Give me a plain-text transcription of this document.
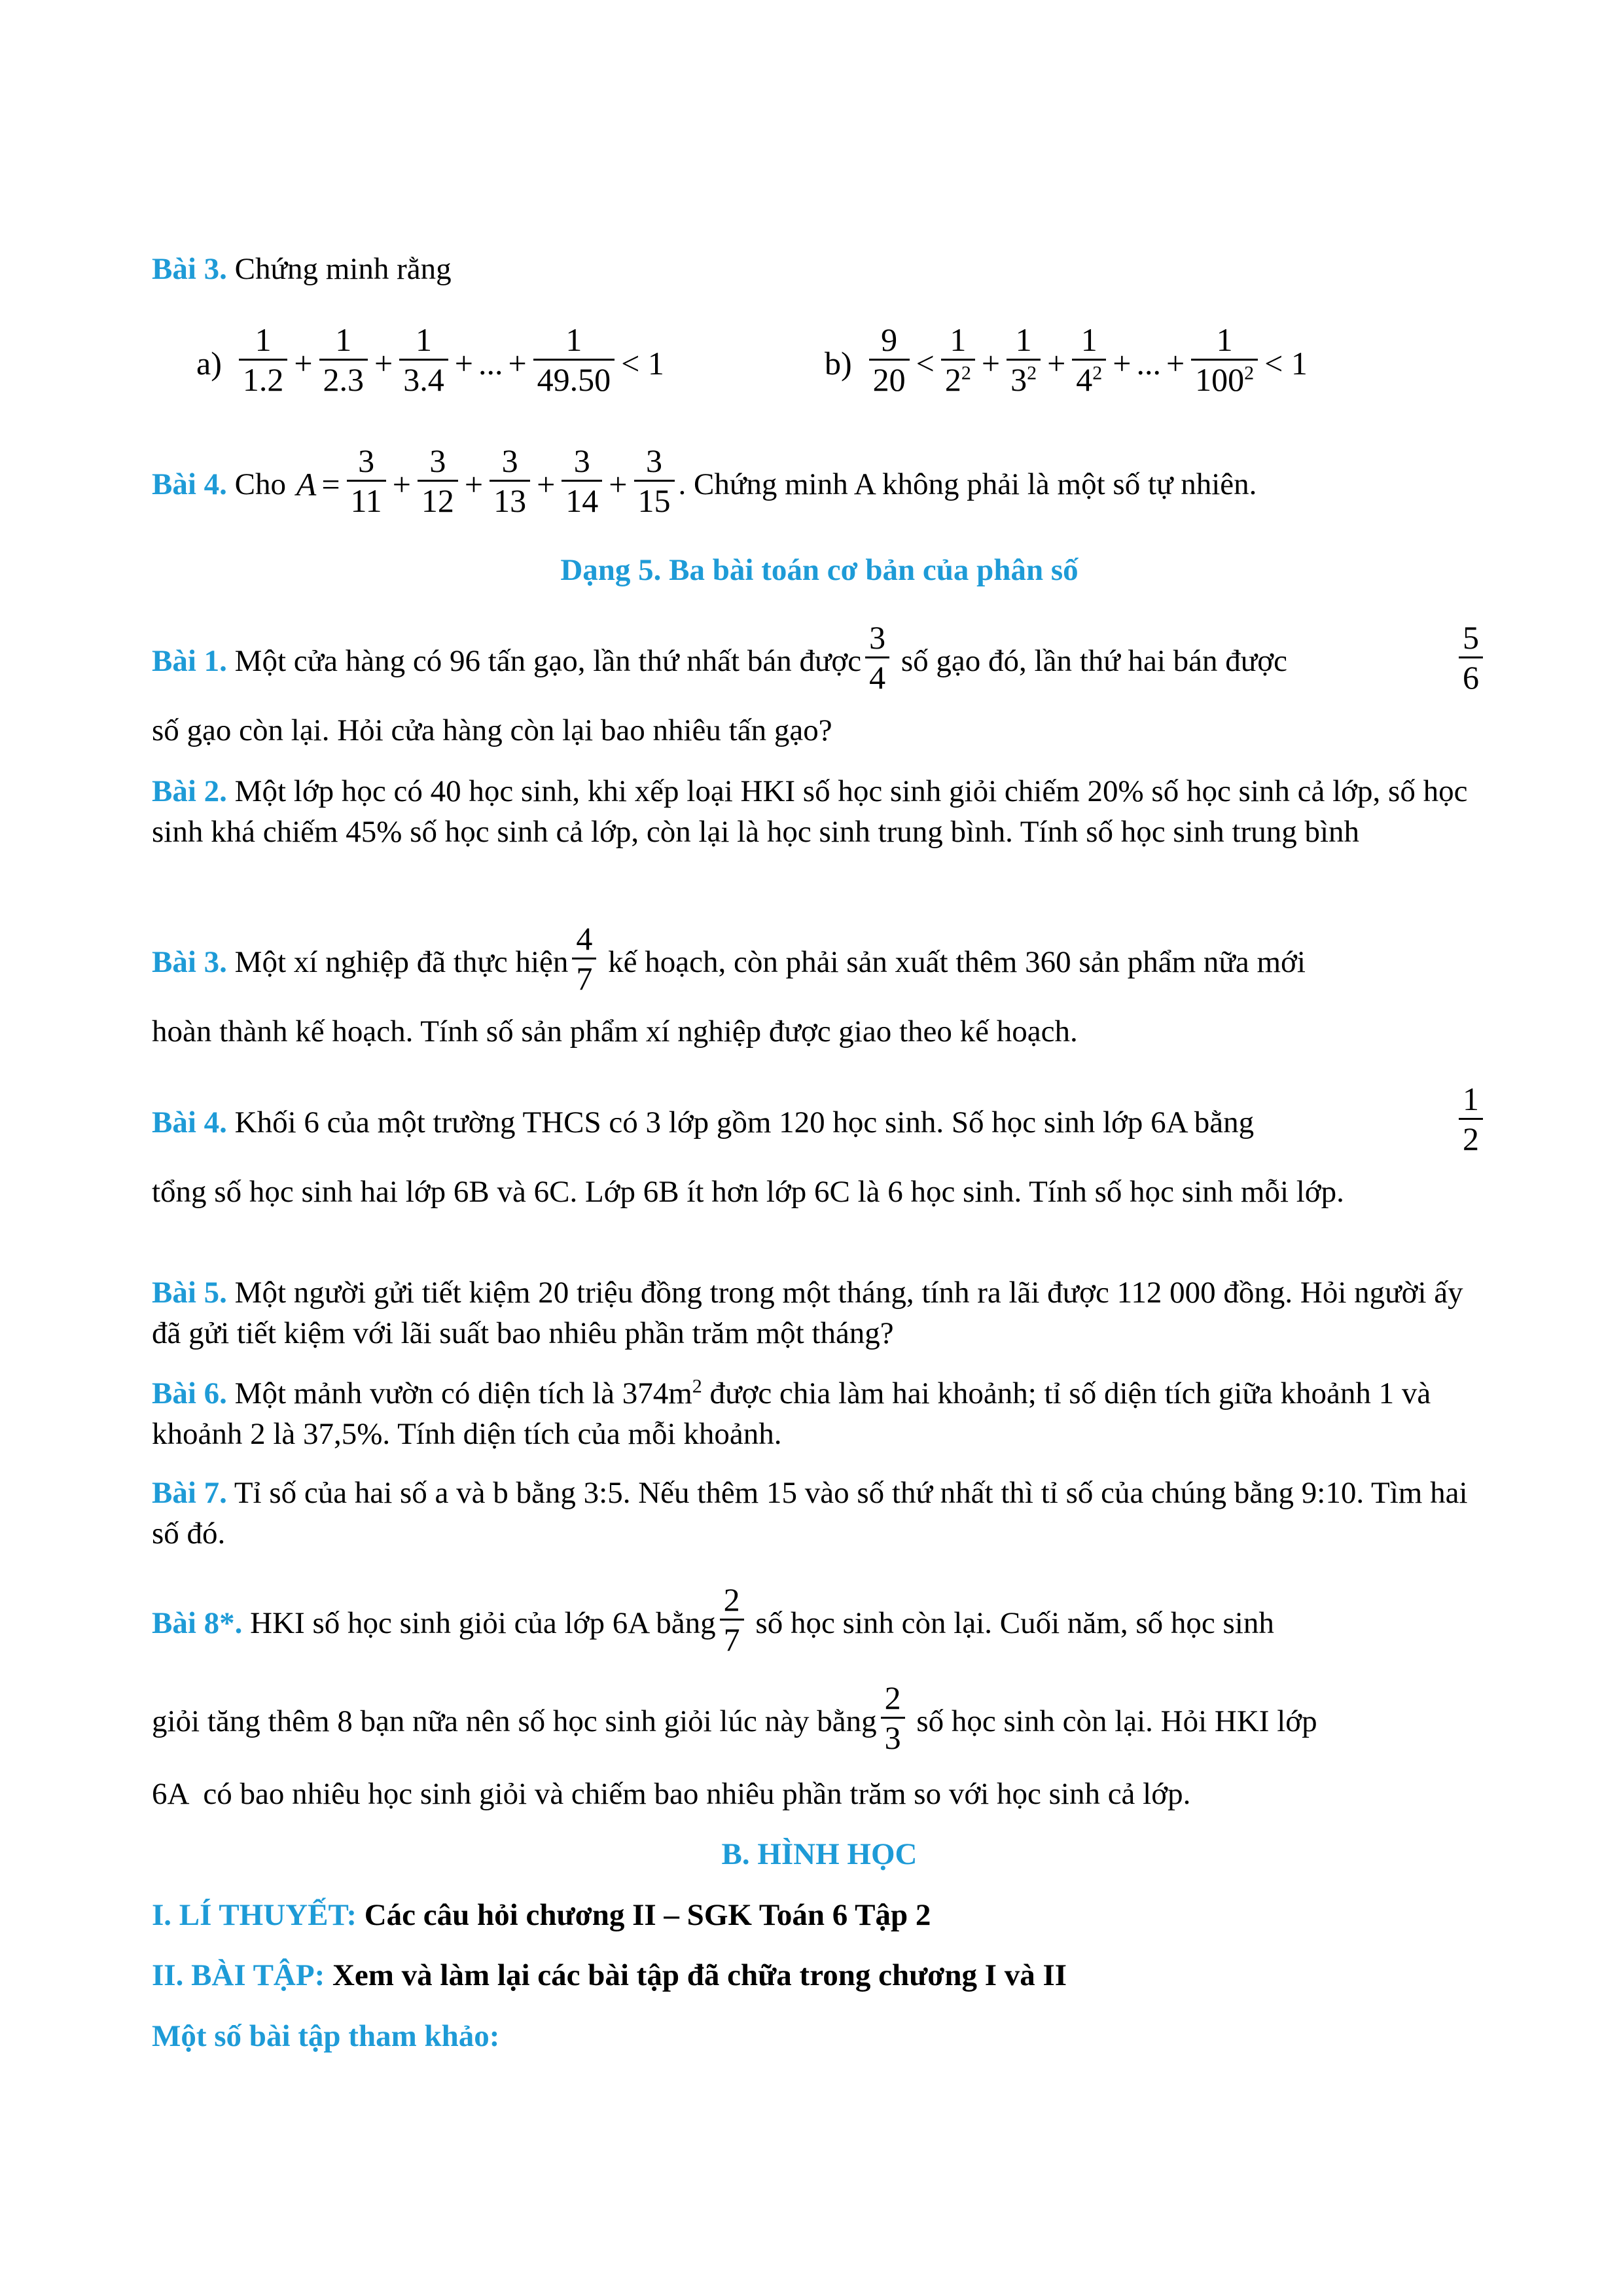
Bài 3. Chứng minh rằng
a)
1
$1.2 + \frac{1}{2.3} + \frac{1}{3.4}$ + ... + $\frac{1}{49.50} < 1$	b)
9
20 <
1
$2^2 + \frac{1}{3^2} + \frac{1}{4^2}$ + ... + $\frac{1}{100^2} < 1$
Bài 4. Cho $A = \frac{3}{11} + \frac{3}{12} + \frac{3}{13} + \frac{3}{14} + \frac{3}{15}$ . Chứng minh A không phải là một số tự nhiên.
Dạng 5. Ba bài toán cơ bản của phân số
Bài 1. Một cửa hàng có 96 tấn gạo, lần thứ nhất bán được
3
4 số gạo đó, lần thứ hai bán được
5
6
số gạo còn lại. Hỏi cửa hàng còn lại bao nhiêu tấn gạo?
Bài 2. Một lớp học có 40 học sinh, khi xếp loại HKI số học sinh giỏi chiếm 20% số học sinh cả lớp, số học sinh khá chiếm 45% số học sinh cả lớp, còn lại là học sinh trung bình. Tính số học sinh trung bình
Bài 3. Một xí nghiệp đã thực hiện
4
7 kế hoạch, còn phải sản xuất thêm 360 sản phẩm nữa mới
hoàn thành kế hoạch. Tính số sản phẩm xí nghiệp được giao theo kế hoạch.
Bài 4. Khối 6 của một trường THCS có 3 lớp gồm 120 học sinh. Số học sinh lớp 6A bằng
1
2
tổng số học sinh hai lớp 6B và 6C. Lớp 6B ít hơn lớp 6C là 6 học sinh. Tính số học sinh mỗi lớp.
Bài 5. Một người gửi tiết kiệm 20 triệu đồng trong một tháng, tính ra lãi được 112 000 đồng. Hỏi người ấy đã gửi tiết kiệm với lãi suất bao nhiêu phần trăm một tháng?
Bài 6. Một mảnh vườn có diện tích là $374m^2$ được chia làm hai khoảnh; tỉ số diện tích giữa khoảnh 1 và khoảnh 2 là 37,5%. Tính diện tích của mỗi khoảnh.
Bài 7. Tỉ số của hai số a và b bằng 3:5. Nếu thêm 15 vào số thứ nhất thì tỉ số của chúng bằng 9:10. Tìm hai số đó.
Bài 8*. HKI số học sinh giỏi của lớp 6A bằng
2
7 số học sinh còn lại. Cuối năm, số học sinh
giỏi tăng thêm 8 bạn nữa nên số học sinh giỏi lúc này bằng
2
3 số học sinh còn lại. Hỏi HKI lớp
6A  có bao nhiêu học sinh giỏi và chiếm bao nhiêu phần trăm so với học sinh cả lớp.
B. HÌNH HỌC
I. LÍ THUYẾT: Các câu hỏi chương II – SGK Toán 6 Tập 2
II. BÀI TẬP: Xem và làm lại các bài tập đã chữa trong chương I và II
Một số bài tập tham khảo:
